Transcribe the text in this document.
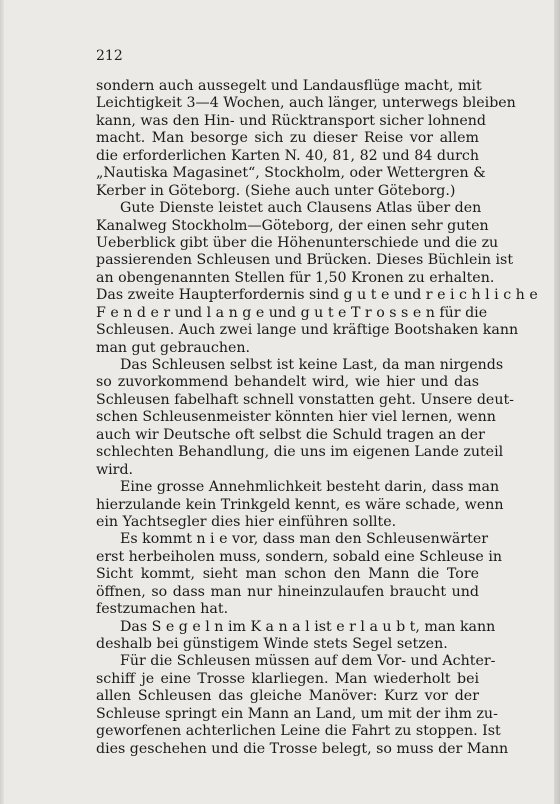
212
sondern auch aussegelt und Landausflüge macht, mit
Leichtigkeit 3—4 Wochen, auch länger, unterwegs bleiben
kann, was den Hin- und Rücktransport sicher lohnend
macht. Man besorge sich zu dieser Reise vor allem
die erforderlichen Karten N. 40, 81, 82 und 84 durch
„Nautiska Magasinet“, Stockholm, oder Wettergren &
Kerber in Göteborg. (Siehe auch unter Göteborg.)
Gute Dienste leistet auch Clausens Atlas über den
Kanalweg Stockholm—Göteborg, der einen sehr guten
Ueberblick gibt über die Höhenunterschiede und die zu
passierenden Schleusen und Brücken. Dieses Büchlein ist
an obengenannten Stellen für 1,50 Kronen zu erhalten.
Das zweite Haupterfordernis sind g u t e und r e i c h l i c h e
F e n d e r und l a n g e und g u t e T r o s s e n für die
Schleusen. Auch zwei lange und kräftige Bootshaken kann
man gut gebrauchen.
Das Schleusen selbst ist keine Last, da man nirgends
so zuvorkommend behandelt wird, wie hier und das
Schleusen fabelhaft schnell vonstatten geht. Unsere deut-
schen Schleusenmeister könnten hier viel lernen, wenn
auch wir Deutsche oft selbst die Schuld tragen an der
schlechten Behandlung, die uns im eigenen Lande zuteil
wird.
Eine grosse Annehmlichkeit besteht darin, dass man
hierzulande kein Trinkgeld kennt, es wäre schade, wenn
ein Yachtsegler dies hier einführen sollte.
Es kommt n i e vor, dass man den Schleusenwärter
erst herbeiholen muss, sondern, sobald eine Schleuse in
Sicht kommt, sieht man schon den Mann die Tore
öffnen, so dass man nur hineinzulaufen braucht und
festzumachen hat.
Das S e g e l n im K a n a l ist e r l a u b t, man kann
deshalb bei günstigem Winde stets Segel setzen.
Für die Schleusen müssen auf dem Vor- und Achter-
schiff je eine Trosse klarliegen. Man wiederholt bei
allen Schleusen das gleiche Manöver: Kurz vor der
Schleuse springt ein Mann an Land, um mit der ihm zu-
geworfenen achterlichen Leine die Fahrt zu stoppen. Ist
dies geschehen und die Trosse belegt, so muss der Mann
